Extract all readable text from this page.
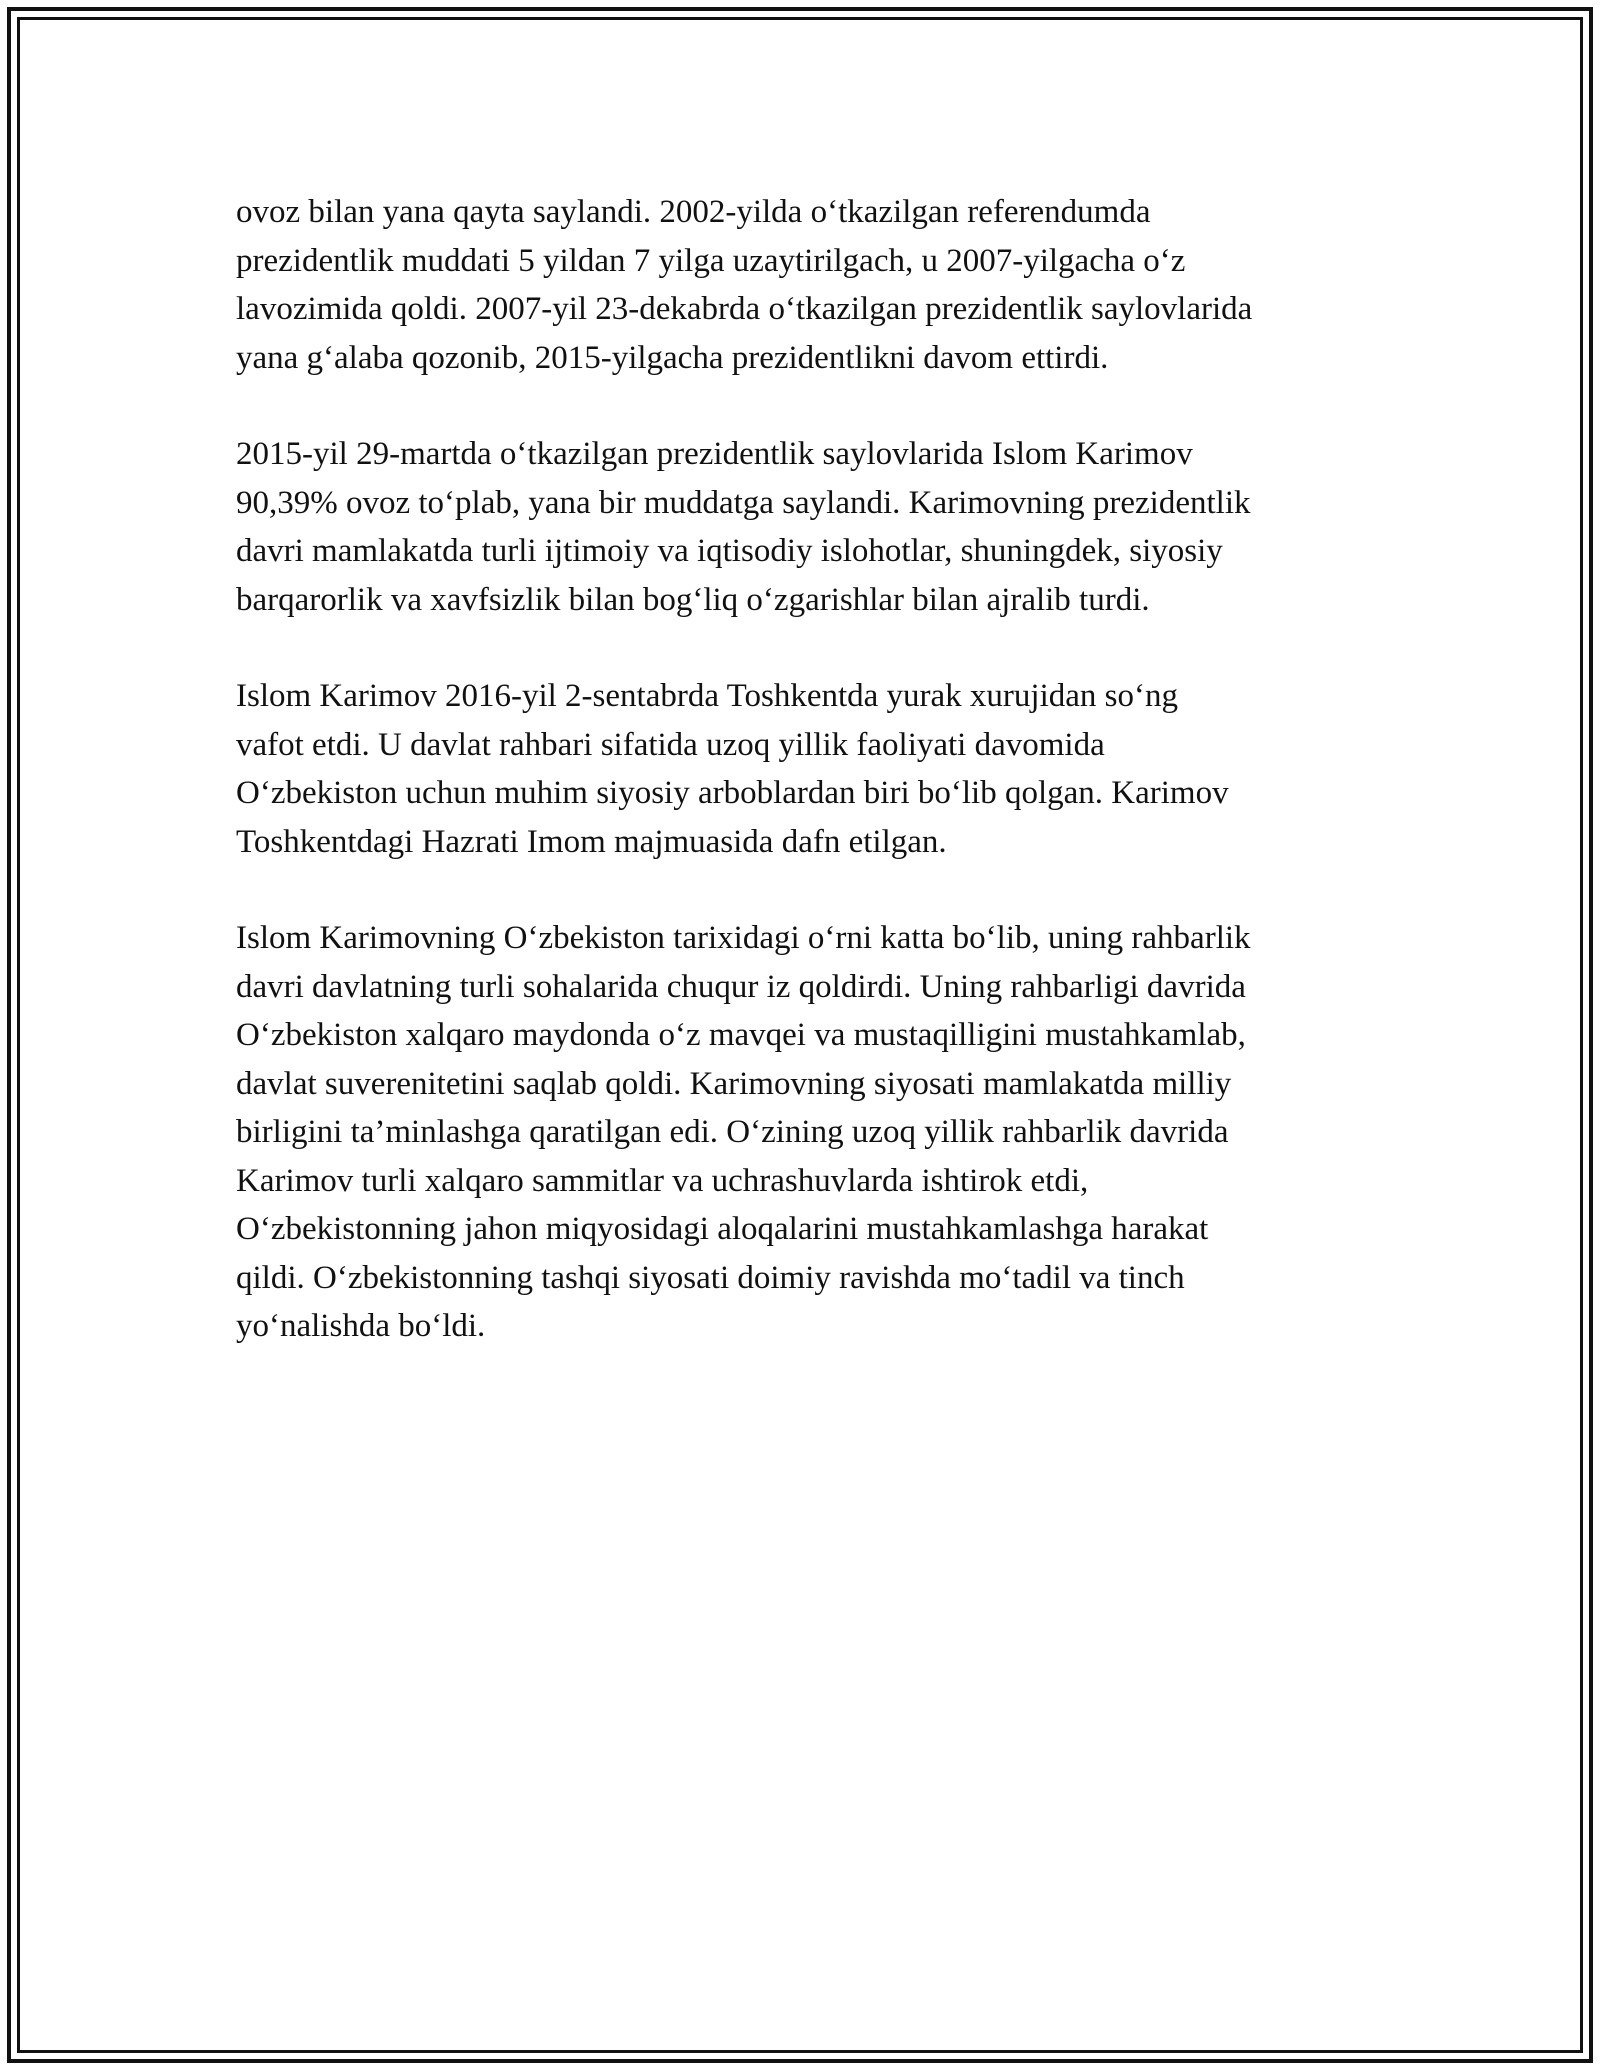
ovoz bilan yana qayta saylandi. 2002-yilda o‘tkazilgan referendumda
prezidentlik muddati 5 yildan 7 yilga uzaytirilgach, u 2007-yilgacha o‘z
lavozimida qoldi. 2007-yil 23-dekabrda o‘tkazilgan prezidentlik saylovlarida
yana g‘alaba qozonib, 2015-yilgacha prezidentlikni davom ettirdi.

2015-yil 29-martda o‘tkazilgan prezidentlik saylovlarida Islom Karimov
90,39% ovoz to‘plab, yana bir muddatga saylandi. Karimovning prezidentlik
davri mamlakatda turli ijtimoiy va iqtisodiy islohotlar, shuningdek, siyosiy
barqarorlik va xavfsizlik bilan bog‘liq o‘zgarishlar bilan ajralib turdi.

Islom Karimov 2016-yil 2-sentabrda Toshkentda yurak xurujidan so‘ng
vafot etdi. U davlat rahbari sifatida uzoq yillik faoliyati davomida
O‘zbekiston uchun muhim siyosiy arboblardan biri bo‘lib qolgan. Karimov
Toshkentdagi Hazrati Imom majmuasida dafn etilgan.

Islom Karimovning O‘zbekiston tarixidagi o‘rni katta bo‘lib, uning rahbarlik
davri davlatning turli sohalarida chuqur iz qoldirdi. Uning rahbarligi davrida
O‘zbekiston xalqaro maydonda o‘z mavqei va mustaqilligini mustahkamlab,
davlat suverenitetini saqlab qoldi. Karimovning siyosati mamlakatda milliy
birligini ta’minlashga qaratilgan edi. O‘zining uzoq yillik rahbarlik davrida
Karimov turli xalqaro sammitlar va uchrashuvlarda ishtirok etdi,
O‘zbekistonning jahon miqyosidagi aloqalarini mustahkamlashga harakat
qildi. O‘zbekistonning tashqi siyosati doimiy ravishda mo‘tadil va tinch
yo‘nalishda bo‘ldi.
